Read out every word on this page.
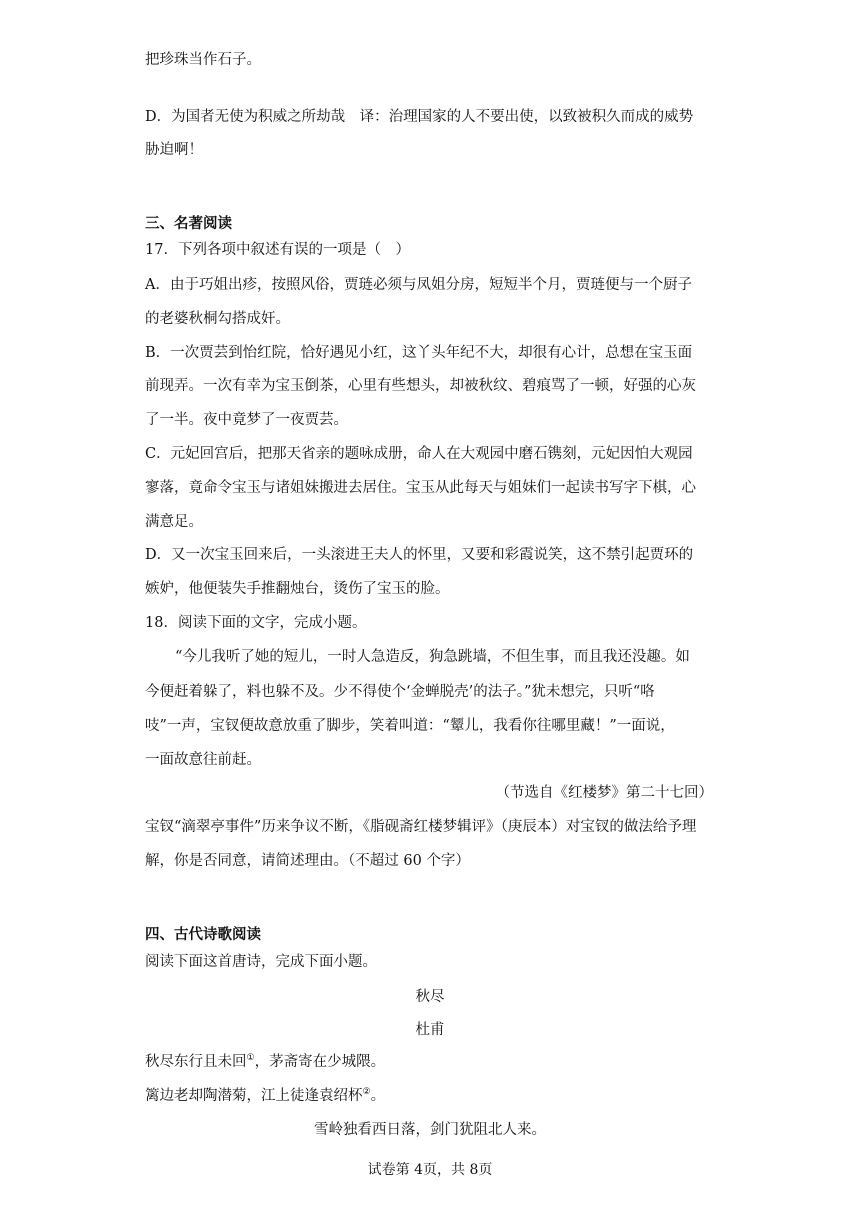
把珍珠当作石子。
D．为国者无使为积威之所劫哉　译：治理国家的人不要出使，以致被积久而成的威势
胁迫啊！
三、名著阅读
17．下列各项中叙述有误的一项是（　）
A．由于巧姐出疹，按照风俗，贾琏必须与凤姐分房，短短半个月，贾琏便与一个厨子
的老婆秋桐勾搭成奸。
B．一次贾芸到怡红院，恰好遇见小红，这丫头年纪不大，却很有心计，总想在宝玉面
前现弄。一次有幸为宝玉倒茶，心里有些想头，却被秋纹、碧痕骂了一顿，好强的心灰
了一半。夜中竟梦了一夜贾芸。
C．元妃回宫后，把那天省亲的题咏成册，命人在大观园中磨石镌刻，元妃因怕大观园
寥落，竟命令宝玉与诸姐妹搬进去居住。宝玉从此每天与姐妹们一起读书写字下棋，心
满意足。
D．又一次宝玉回来后，一头滚进王夫人的怀里，又要和彩霞说笑，这不禁引起贾环的
嫉妒，他便装失手推翻烛台，烫伤了宝玉的脸。
18．阅读下面的文字，完成小题。
“今儿我听了她的短儿，一时人急造反，狗急跳墙，不但生事，而且我还没趣。如
今便赶着躲了，料也躲不及。少不得使个‘金蝉脱壳’的法子。”犹未想完，只听“咯
吱”一声，宝钗便故意放重了脚步，笑着叫道：“颦儿，我看你往哪里藏！”一面说，
一面故意往前赶。
（节选自《红楼梦》第二十七回）
宝钗“滴翠亭事件”历来争议不断，《脂砚斋红楼梦辑评》（庚辰本）对宝钗的做法给予理
解，你是否同意，请简述理由。（不超过 60 个字）
四、古代诗歌阅读
阅读下面这首唐诗，完成下面小题。
秋尽
杜甫
秋尽东行且未回①，茅斋寄在少城隈。
篱边老却陶潜菊，江上徒逢袁绍杯②。
雪岭独看西日落，剑门犹阻北人来。
试卷第 4页，共 8页
